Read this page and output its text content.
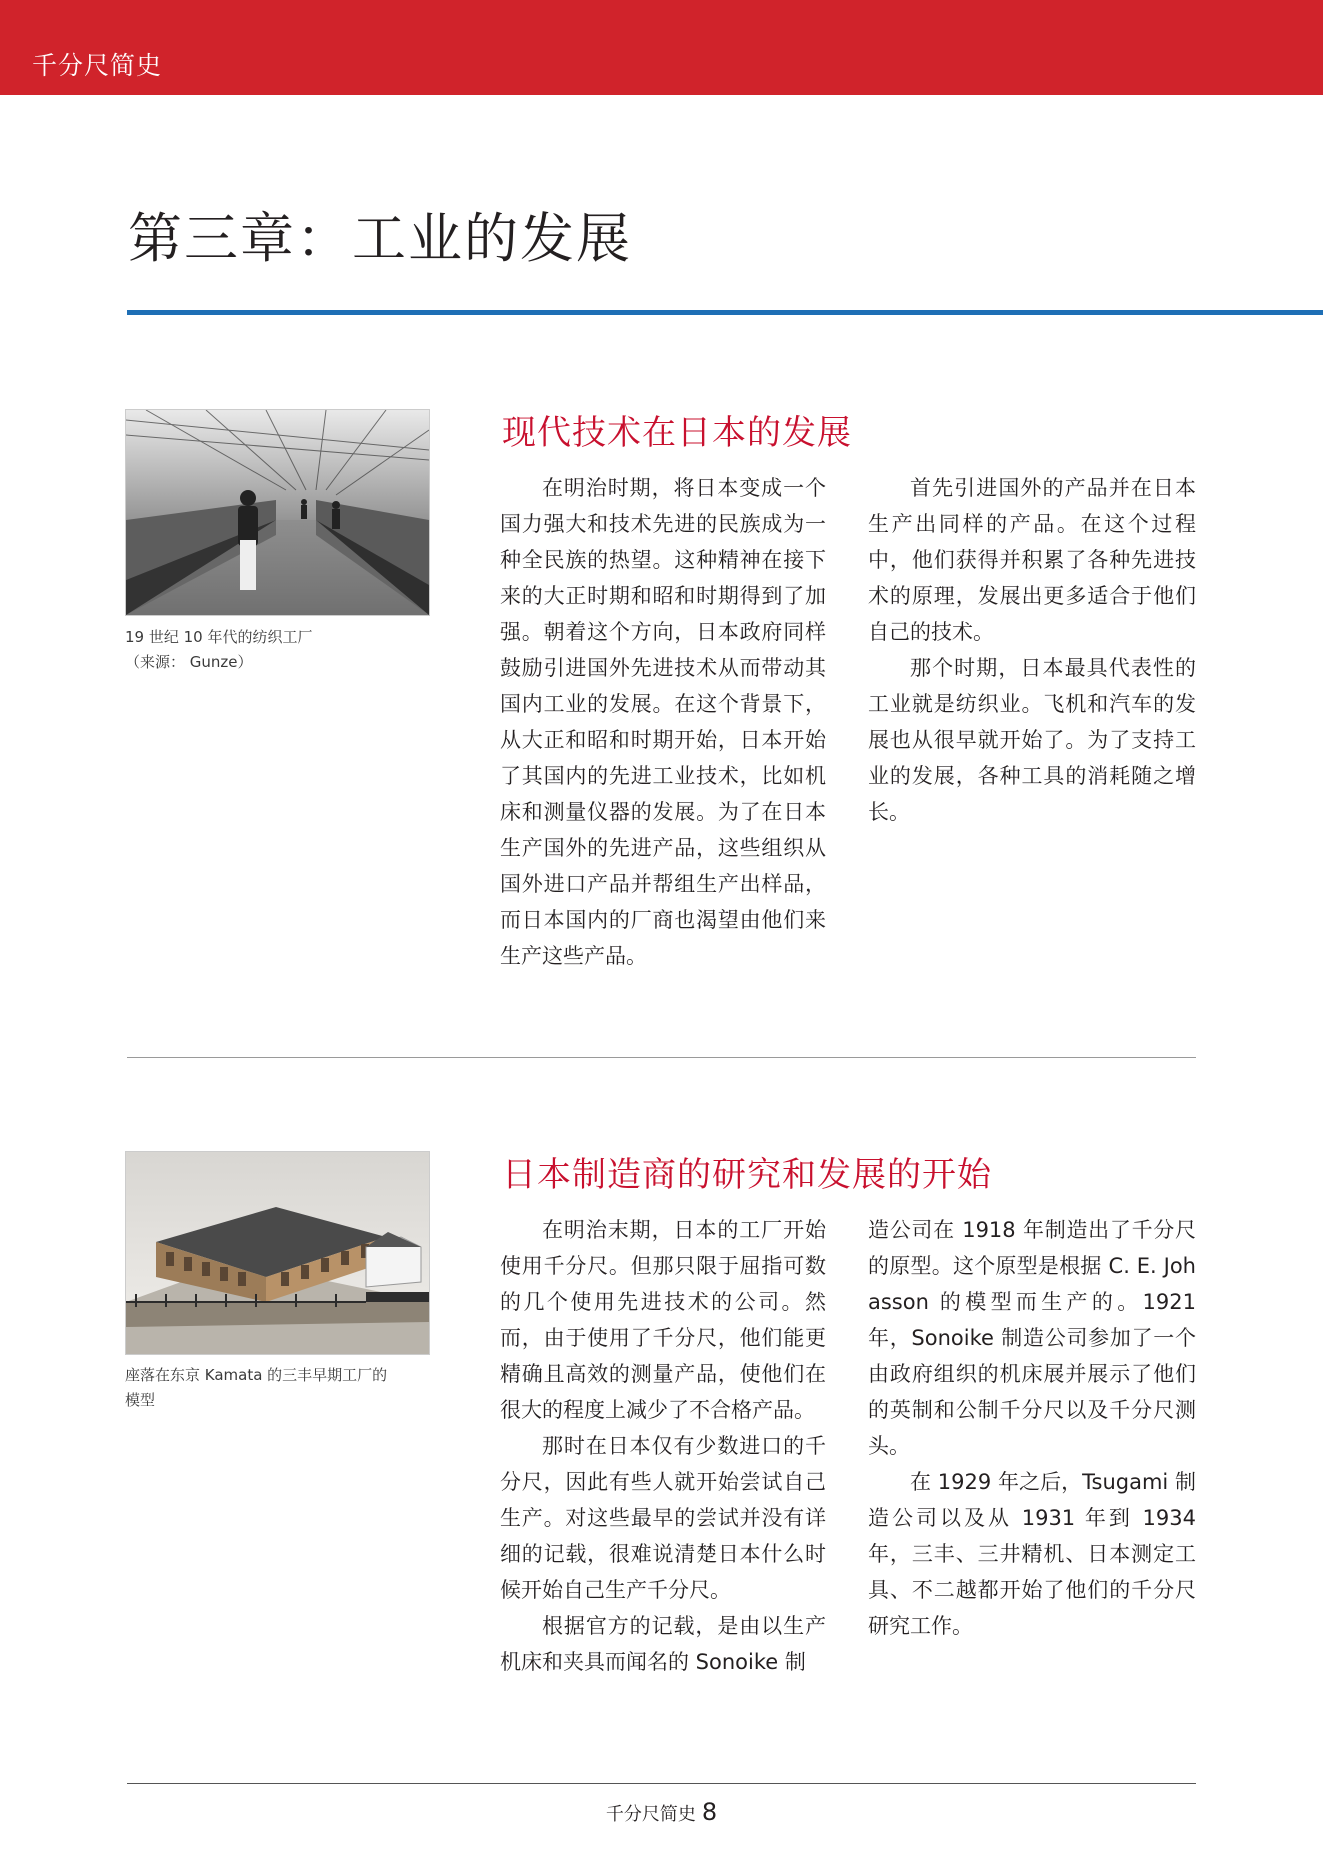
千分尺简史
第三章：工业的发展
19 世纪 10 年代的纺织工厂
（来源： Gunze）
现代技术在日本的发展

在明治时期，将日本变成一个国力强大和技术先进的民族成为一种全民族的热望。这种精神在接下来的大正时期和昭和时期得到了加强。朝着这个方向，日本政府同样鼓励引进国外先进技术从而带动其国内工业的发展。在这个背景下，从大正和昭和时期开始，日本开始了其国内的先进工业技术，比如机床和测量仪器的发展。为了在日本生产国外的先进产品，这些组织从国外进口产品并帮组生产出样品，而日本国内的厂商也渴望由他们来生产这些产品。

首先引进国外的产品并在日本生产出同样的产品。在这个过程中，他们获得并积累了各种先进技术的原理，发展出更多适合于他们自己的技术。

那个时期，日本最具代表性的工业就是纺织业。飞机和汽车的发展也从很早就开始了。为了支持工业的发展，各种工具的消耗随之增长。

座落在东京 Kamata 的三丰早期工厂的
模型
日本制造商的研究和发展的开始

在明治末期，日本的工厂开始使用千分尺。但那只限于屈指可数的几个使用先进技术的公司。然而，由于使用了千分尺，他们能更精确且高效的测量产品，使他们在很大的程度上减少了不合格产品。

那时在日本仅有少数进口的千分尺，因此有些人就开始尝试自己生产。对这些最早的尝试并没有详细的记载，很难说清楚日本什么时候开始自己生产千分尺。

根据官方的记载，是由以生产机床和夹具而闻名的 Sonoike 制

造公司在 1918 年制造出了千分尺的原型。这个原型是根据 C. E. Johasson 的模型而生产的。1921 年，Sonoike 制造公司参加了一个由政府组织的机床展并展示了他们的英制和公制千分尺以及千分尺测头。

在 1929 年之后，Tsugami 制造公司以及从 1931 年到 1934 年，三丰、三井精机、日本测定工具、不二越都开始了他们的千分尺研究工作。

千分尺简史 8
